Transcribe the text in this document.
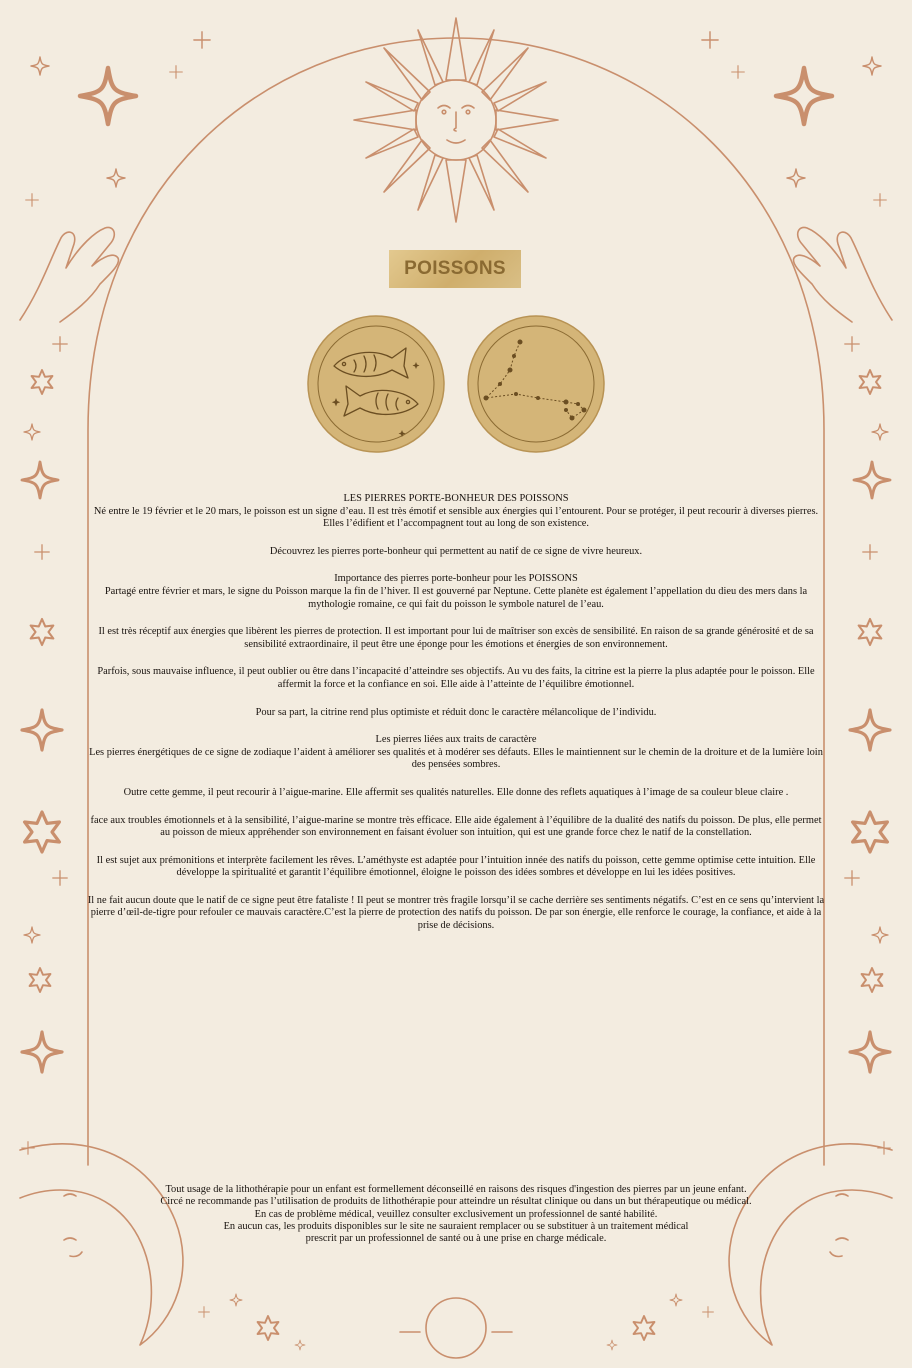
POISSONS

LES PIERRES PORTE-BONHEUR DES POISSONS
Né entre le 19 février et le 20 mars, le poisson est un signe d’eau. Il est très émotif et sensible aux énergies qui l’entourent. Pour se protéger, il peut recourir à diverses pierres. Elles l’édifient et l’accompagnent tout au long de son existence.

Découvrez les pierres porte-bonheur qui permettent au natif de ce signe de vivre heureux.

Importance des pierres porte-bonheur pour les POISSONS
Partagé entre février et mars, le signe du Poisson marque la fin de l’hiver. Il est gouverné par Neptune. Cette planète est également l’appellation du dieu des mers dans la mythologie romaine, ce qui fait du poisson le symbole naturel de l’eau.

Il est très réceptif aux énergies que libèrent les pierres de protection. Il est important pour lui de maîtriser son excès de sensibilité. En raison de sa grande générosité et de sa sensibilité extraordinaire, il peut être une éponge pour les émotions et énergies de son environnement.

Parfois, sous mauvaise influence, il peut oublier ou être dans l’incapacité d’atteindre ses objectifs. Au vu des faits, la citrine est la pierre la plus adaptée pour le poisson. Elle affermit la force et la confiance en soi. Elle aide à l’atteinte de l’équilibre émotionnel.

Pour sa part, la citrine rend plus optimiste et réduit donc le caractère mélancolique de l’individu.

Les pierres liées aux traits de caractère
Les pierres énergétiques de ce signe de zodiaque l’aident à améliorer ses qualités et à modérer ses défauts. Elles le maintiennent sur le chemin de la droiture et de la lumière loin des pensées sombres.

Outre cette gemme, il peut recourir à l’aigue-marine. Elle affermit ses qualités naturelles. Elle donne des reflets aquatiques à l’image de sa couleur bleue claire .

face aux troubles émotionnels et à la sensibilité, l’aigue-marine se montre très efficace. Elle aide également à l’équilibre de la dualité des natifs du poisson. De plus, elle permet au poisson de mieux appréhender son environnement en faisant évoluer son intuition, qui est une grande force chez le natif de la constellation.

Il est sujet aux prémonitions et interprète facilement les rêves. L’améthyste est adaptée pour l’intuition innée des natifs du poisson, cette gemme optimise cette intuition. Elle développe la spiritualité et garantit l’équilibre émotionnel, éloigne le poisson des idées sombres et développe en lui les idées positives.

Il ne fait aucun doute que le natif de ce signe peut être fataliste ! Il peut se montrer très fragile lorsqu’il se cache derrière ses sentiments négatifs. C’est en ce sens qu’intervient la pierre d’œil-de-tigre pour refouler ce mauvais caractère.C’est la pierre de protection des natifs du poisson. De par son énergie, elle renforce le courage, la confiance, et aide à la prise de décisions.

Tout usage de la lithothérapie pour un enfant est formellement déconseillé en raisons des risques d'ingestion des pierres par un jeune enfant.
Circé ne recommande pas l’utilisation de produits de lithothérapie pour atteindre un résultat clinique ou dans un but thérapeutique ou médical.
En cas de problème médical, veuillez consulter exclusivement un professionnel de santé habilité.
En aucun cas, les produits disponibles sur le site ne sauraient remplacer ou se substituer à un traitement médical
prescrit par un professionnel de santé ou à une prise en charge médicale.
